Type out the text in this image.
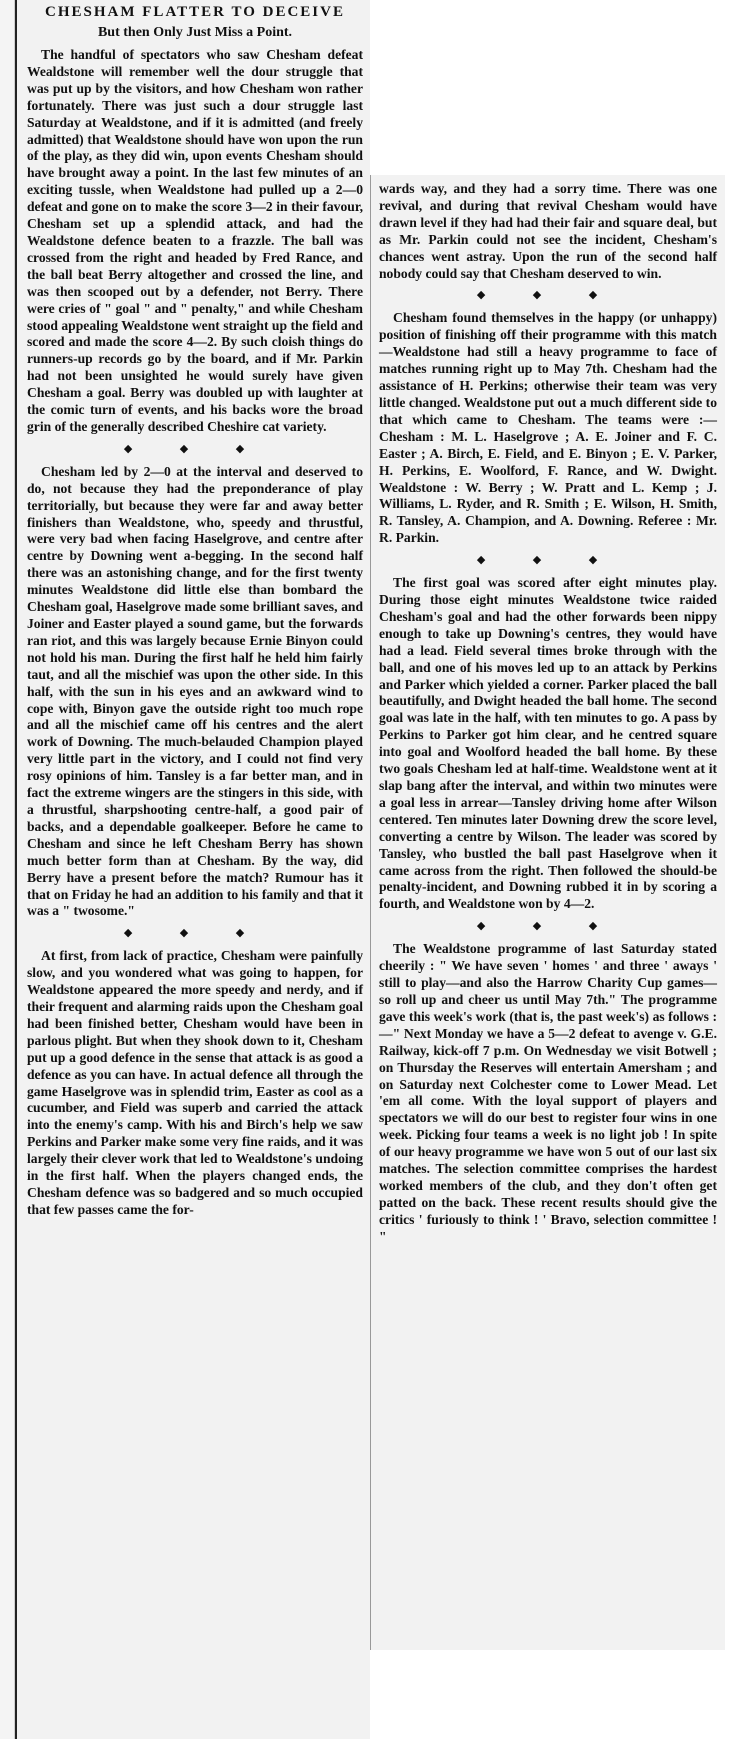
CHESHAM FLATTER TO DECEIVE
But then Only Just Miss a Point.

The handful of spectators who saw Chesham defeat Wealdstone will remember well the dour struggle that was put up by the visitors, and how Chesham won rather fortunately. There was just such a dour struggle last Saturday at Wealdstone, and if it is admitted (and freely admitted) that Wealdstone should have won upon the run of the play, as they did win, upon events Chesham should have brought away a point. In the last few minutes of an exciting tussle, when Wealdstone had pulled up a 2—0 defeat and gone on to make the score 3—2 in their favour, Chesham set up a splendid attack, and had the Wealdstone defence beaten to a frazzle. The ball was crossed from the right and headed by Fred Rance, and the ball beat Berry altogether and crossed the line, and was then scooped out by a defender, not Berry. There were cries of " goal " and " penalty," and while Chesham stood appealing Wealdstone went straight up the field and scored and made the score 4—2. By such cloish things do runners-up records go by the board, and if Mr. Parkin had not been unsighted he would surely have given Chesham a goal. Berry was doubled up with laughter at the comic turn of events, and his backs wore the broad grin of the generally described Cheshire cat variety.

◆ ◆ ◆

Chesham led by 2—0 at the interval and deserved to do, not because they had the preponderance of play territorially, but because they were far and away better finishers than Wealdstone, who, speedy and thrustful, were very bad when facing Haselgrove, and centre after centre by Downing went a-begging. In the second half there was an astonishing change, and for the first twenty minutes Wealdstone did little else than bombard the Chesham goal, Haselgrove made some brilliant saves, and Joiner and Easter played a sound game, but the forwards ran riot, and this was largely because Ernie Binyon could not hold his man. During the first half he held him fairly taut, and all the mischief was upon the other side. In this half, with the sun in his eyes and an awkward wind to cope with, Binyon gave the outside right too much rope and all the mischief came off his centres and the alert work of Downing. The much-belauded Champion played very little part in the victory, and I could not find very rosy opinions of him. Tansley is a far better man, and in fact the extreme wingers are the stingers in this side, with a thrustful, sharpshooting centre-half, a good pair of backs, and a dependable goalkeeper. Before he came to Chesham and since he left Chesham Berry has shown much better form than at Chesham. By the way, did Berry have a present before the match? Rumour has it that on Friday he had an addition to his family and that it was a " twosome."

◆ ◆ ◆

At first, from lack of practice, Chesham were painfully slow, and you wondered what was going to happen, for Wealdstone appeared the more speedy and nerdy, and if their frequent and alarming raids upon the Chesham goal had been finished better, Chesham would have been in parlous plight. But when they shook down to it, Chesham put up a good defence in the sense that attack is as good a defence as you can have. In actual defence all through the game Haselgrove was in splendid trim, Easter as cool as a cucumber, and Field was superb and carried the attack into the enemy's camp. With his and Birch's help we saw Perkins and Parker make some very fine raids, and it was largely their clever work that led to Wealdstone's undoing in the first half. When the players changed ends, the Chesham defence was so badgered and so much occupied that few passes came the for-

wards way, and they had a sorry time. There was one revival, and during that revival Chesham would have drawn level if they had had their fair and square deal, but as Mr. Parkin could not see the incident, Chesham's chances went astray. Upon the run of the second half nobody could say that Chesham deserved to win.

◆ ◆ ◆

Chesham found themselves in the happy (or unhappy) position of finishing off their programme with this match—Wealdstone had still a heavy programme to face of matches running right up to May 7th. Chesham had the assistance of H. Perkins; otherwise their team was very little changed. Wealdstone put out a much different side to that which came to Chesham. The teams were :—Chesham : M. L. Haselgrove ; A. E. Joiner and F. C. Easter ; A. Birch, E. Field, and E. Binyon ; E. V. Parker, H. Perkins, E. Woolford, F. Rance, and W. Dwight. Wealdstone : W. Berry ; W. Pratt and L. Kemp ; J. Williams, L. Ryder, and R. Smith ; E. Wilson, H. Smith, R. Tansley, A. Champion, and A. Downing. Referee : Mr. R. Parkin.

◆ ◆ ◆

The first goal was scored after eight minutes play. During those eight minutes Wealdstone twice raided Chesham's goal and had the other forwards been nippy enough to take up Downing's centres, they would have had a lead. Field several times broke through with the ball, and one of his moves led up to an attack by Perkins and Parker which yielded a corner. Parker placed the ball beautifully, and Dwight headed the ball home. The second goal was late in the half, with ten minutes to go. A pass by Perkins to Parker got him clear, and he centred square into goal and Woolford headed the ball home. By these two goals Chesham led at half-time. Wealdstone went at it slap bang after the interval, and within two minutes were a goal less in arrear—Tansley driving home after Wilson centered. Ten minutes later Downing drew the score level, converting a centre by Wilson. The leader was scored by Tansley, who bustled the ball past Haselgrove when it came across from the right. Then followed the should-be penalty-incident, and Downing rubbed it in by scoring a fourth, and Wealdstone won by 4—2.

◆ ◆ ◆

The Wealdstone programme of last Saturday stated cheerily : " We have seven ' homes ' and three ' aways ' still to play—and also the Harrow Charity Cup games— so roll up and cheer us until May 7th." The programme gave this week's work (that is, the past week's) as follows :—" Next Monday we have a 5—2 defeat to avenge v. G.E. Railway, kick-off 7 p.m. On Wednesday we visit Botwell ; on Thursday the Reserves will entertain Amersham ; and on Saturday next Colchester come to Lower Mead. Let 'em all come. With the loyal support of players and spectators we will do our best to register four wins in one week. Picking four teams a week is no light job ! In spite of our heavy programme we have won 5 out of our last six matches. The selection committee comprises the hardest worked members of the club, and they don't often get patted on the back. These recent results should give the critics ' furiously to think ! ' Bravo, selection committee ! "
